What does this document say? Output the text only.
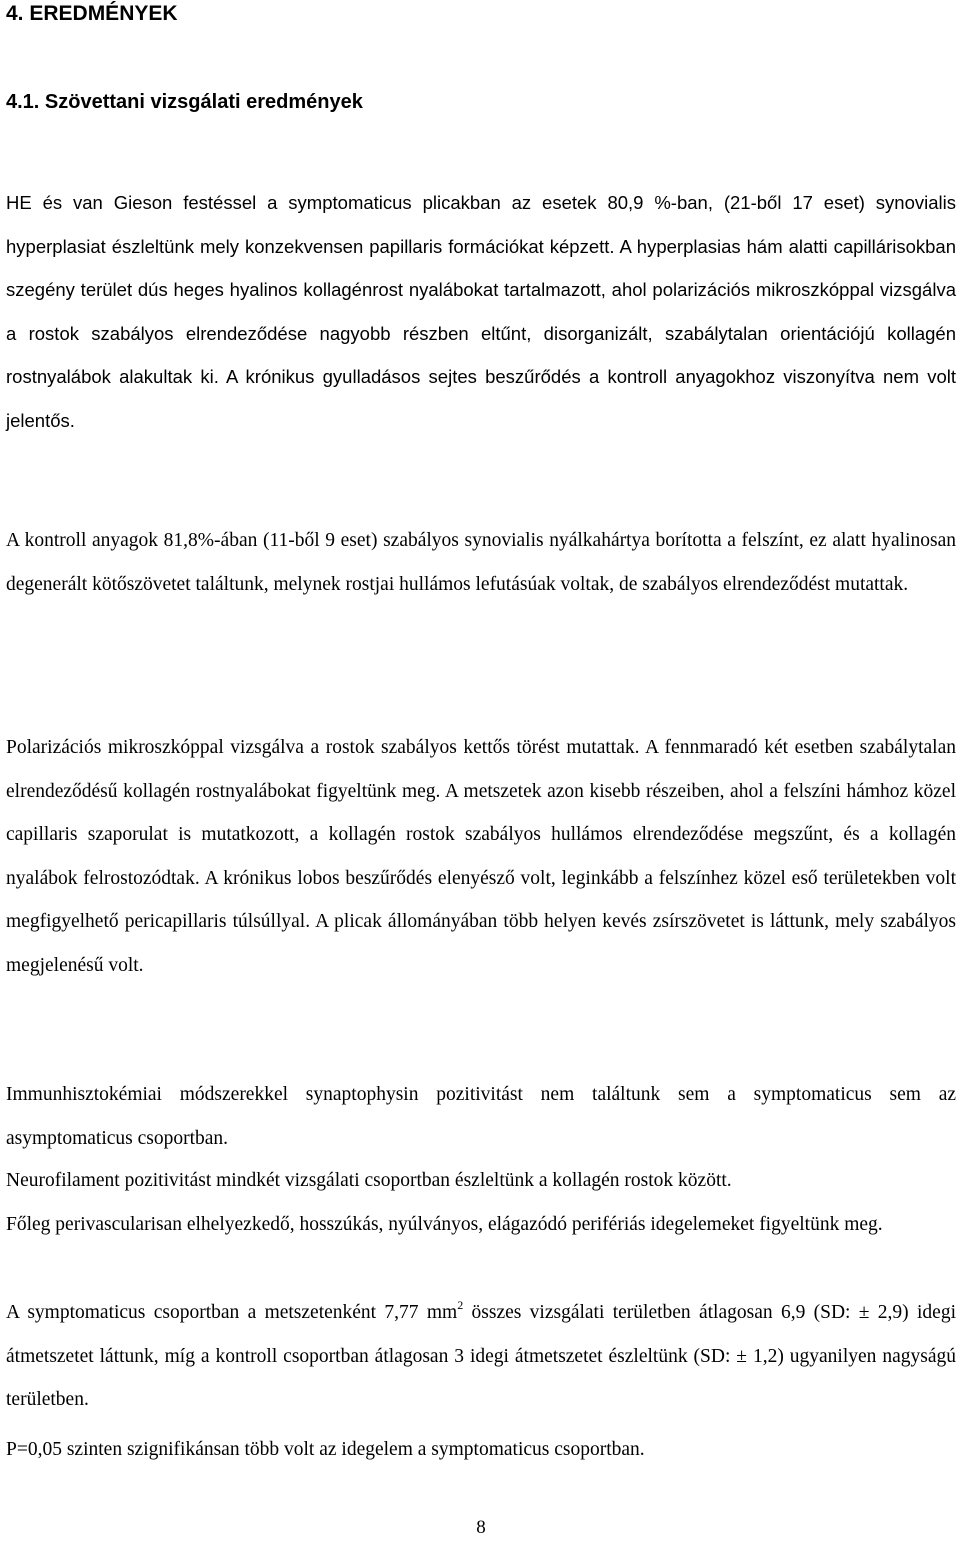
4. EREDMÉNYEK
4.1. Szövettani vizsgálati eredmények

HE és van Gieson festéssel a symptomaticus plicakban az esetek 80,9 %-ban, (21-ből 17 eset) synovialis hyperplasiat észleltünk mely konzekvensen papillaris formációkat képzett. A hyperplasias hám alatti capillárisokban szegény terület dús heges hyalinos kollagénrost nyalábokat tartalmazott, ahol polarizációs mikroszkóppal vizsgálva a rostok szabályos elrendeződése nagyobb részben eltűnt, disorganizált, szabálytalan orientációjú kollagén rostnyalábok alakultak ki. A krónikus gyulladásos sejtes beszűrődés a kontroll anyagokhoz viszonyítva nem volt jelentős.

A kontroll anyagok 81,8%-ában (11-ből 9 eset) szabályos synovialis nyálkahártya borította a felszínt, ez alatt hyalinosan degenerált kötőszövetet találtunk, melynek rostjai hullámos lefutásúak voltak, de szabályos elrendeződést mutattak.

Polarizációs mikroszkóppal vizsgálva a rostok szabályos kettős törést mutattak. A fennmaradó két esetben szabálytalan elrendeződésű kollagén rostnyalábokat figyeltünk meg. A metszetek azon kisebb részeiben, ahol a felszíni hámhoz közel capillaris szaporulat is mutatkozott, a kollagén rostok szabályos hullámos elrendeződése megszűnt, és a kollagén nyalábok felrostozódtak. A krónikus lobos beszűrődés elenyésző volt, leginkább a felszínhez közel eső területekben volt megfigyelhető pericapillaris túlsúllyal. A plicak állományában több helyen kevés zsírszövetet is láttunk, mely szabályos megjelenésű volt.

Immunhisztokémiai módszerekkel synaptophysin pozitivitást nem találtunk sem a symptomaticus sem az asymptomaticus csoportban.

Neurofilament pozitivitást mindkét vizsgálati csoportban észleltünk a kollagén rostok között.

Főleg perivascularisan elhelyezkedő, hosszúkás, nyúlványos, elágazódó perifériás idegelemeket figyeltünk meg.

A symptomaticus csoportban a metszetenként 7,77 $mm^2$ összes vizsgálati területben átlagosan 6,9 (SD: ± 2,9) idegi átmetszetet láttunk, míg a kontroll csoportban átlagosan 3 idegi átmetszetet észleltünk (SD: ± 1,2) ugyanilyen nagyságú területben.

P=0,05 szinten szignifikánsan több volt az idegelem a symptomaticus csoportban.

8
